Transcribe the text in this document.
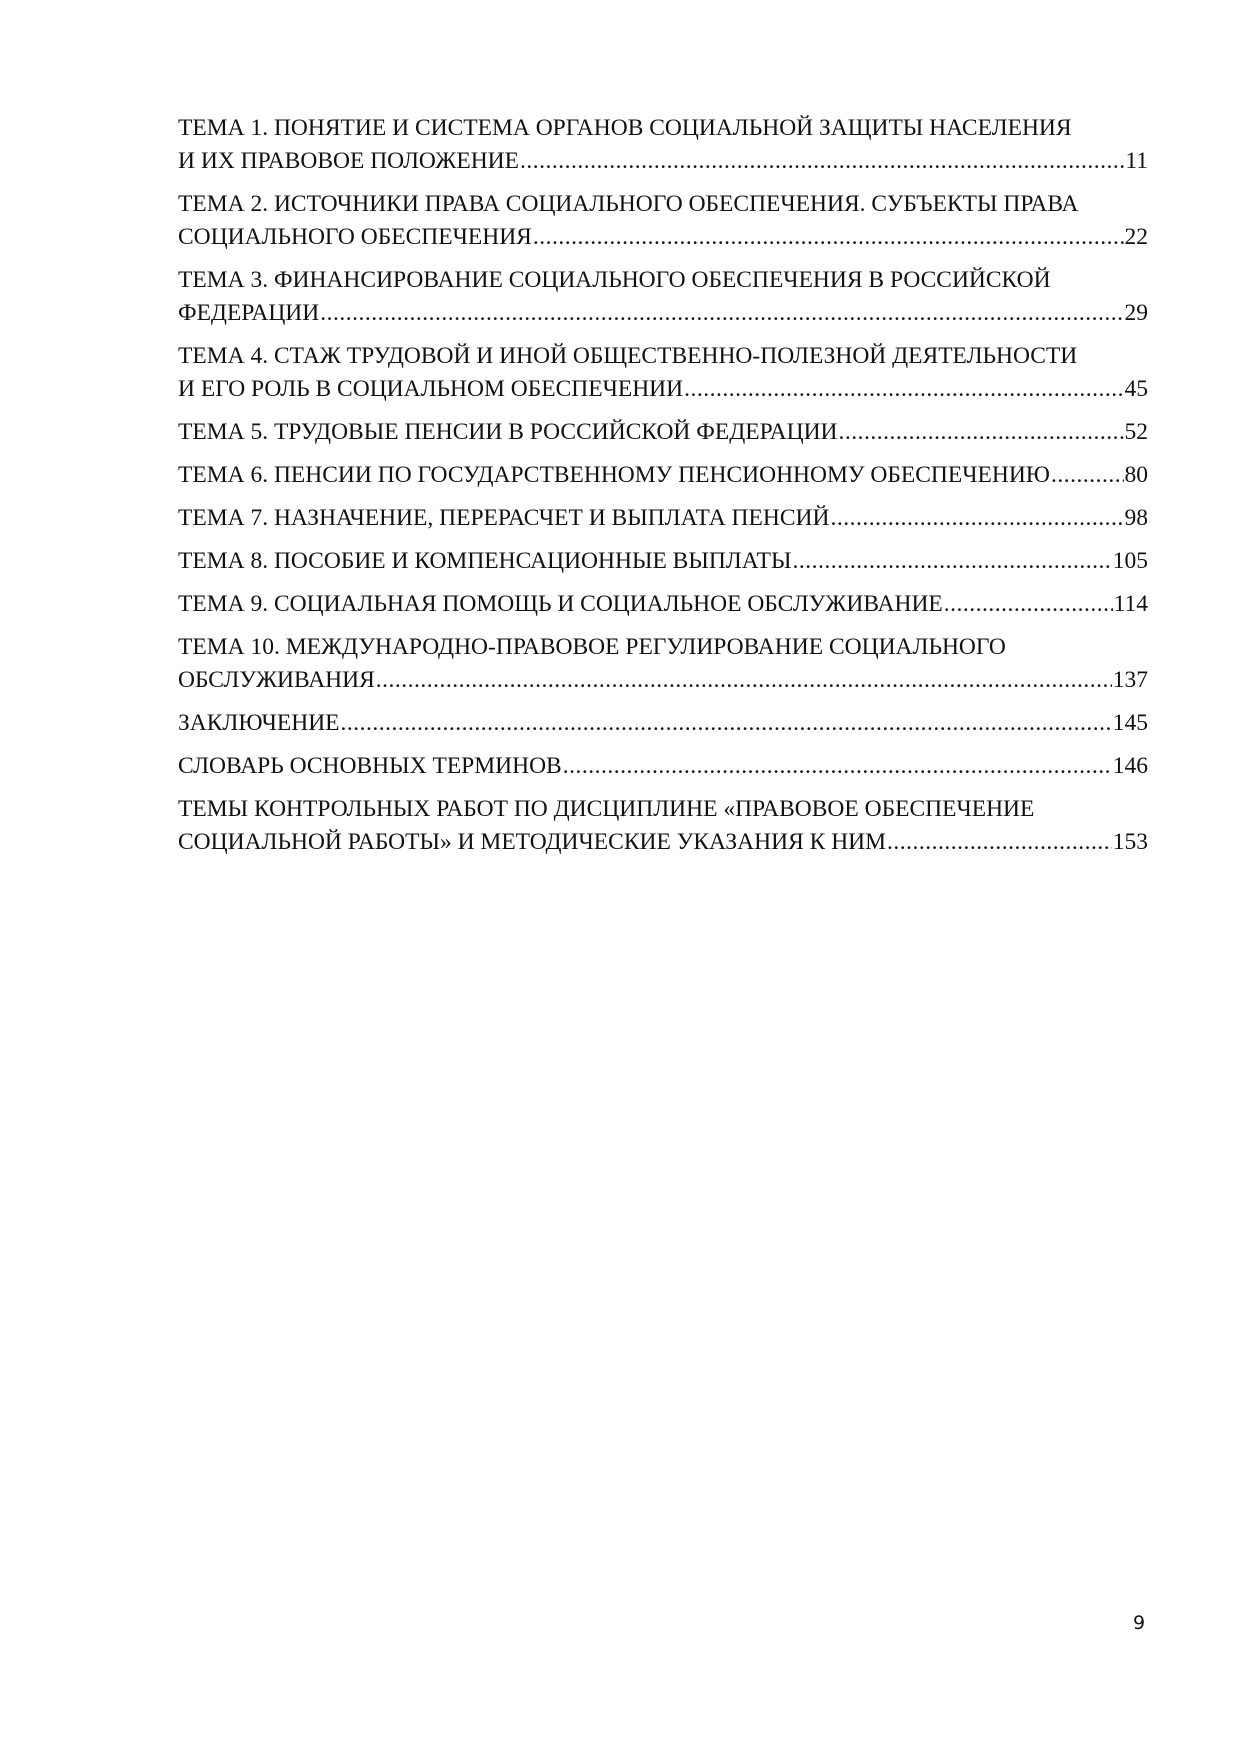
ТЕМА 1. ПОНЯТИЕ И СИСТЕМА ОРГАНОВ СОЦИАЛЬНОЙ ЗАЩИТЫ НАСЕЛЕНИЯ
И ИХ ПРАВОВОЕ ПОЛОЖЕНИЕ .....	11
ТЕМА 2. ИСТОЧНИКИ ПРАВА СОЦИАЛЬНОГО ОБЕСПЕЧЕНИЯ. СУБЪЕКТЫ ПРАВА
СОЦИАЛЬНОГО ОБЕСПЕЧЕНИЯ .....	22
ТЕМА 3. ФИНАНСИРОВАНИЕ СОЦИАЛЬНОГО ОБЕСПЕЧЕНИЯ В РОССИЙСКОЙ
ФЕДЕРАЦИИ .....	29
ТЕМА 4. СТАЖ ТРУДОВОЙ И ИНОЙ ОБЩЕСТВЕННО-ПОЛЕЗНОЙ ДЕЯТЕЛЬНОСТИ
И ЕГО РОЛЬ В СОЦИАЛЬНОМ ОБЕСПЕЧЕНИИ .....	45
ТЕМА 5. ТРУДОВЫЕ ПЕНСИИ В РОССИЙСКОЙ ФЕДЕРАЦИИ .....	52
ТЕМА 6. ПЕНСИИ ПО ГОСУДАРСТВЕННОМУ ПЕНСИОННОМУ ОБЕСПЕЧЕНИЮ .....	80
ТЕМА 7. НАЗНАЧЕНИЕ, ПЕРЕРАСЧЕТ И ВЫПЛАТА ПЕНСИЙ .....	98
ТЕМА 8. ПОСОБИЕ И КОМПЕНСАЦИОННЫЕ ВЫПЛАТЫ .....	105
ТЕМА 9. СОЦИАЛЬНАЯ ПОМОЩЬ И СОЦИАЛЬНОЕ ОБСЛУЖИВАНИЕ .....	114
ТЕМА 10. МЕЖДУНАРОДНО-ПРАВОВОЕ РЕГУЛИРОВАНИЕ СОЦИАЛЬНОГО
ОБСЛУЖИВАНИЯ .....	137
ЗАКЛЮЧЕНИЕ .....	145
СЛОВАРЬ ОСНОВНЫХ ТЕРМИНОВ .....	146
ТЕМЫ КОНТРОЛЬНЫХ РАБОТ ПО ДИСЦИПЛИНЕ «ПРАВОВОЕ ОБЕСПЕЧЕНИЕ
СОЦИАЛЬНОЙ РАБОТЫ» И МЕТОДИЧЕСКИЕ УКАЗАНИЯ К НИМ .....	153
9
